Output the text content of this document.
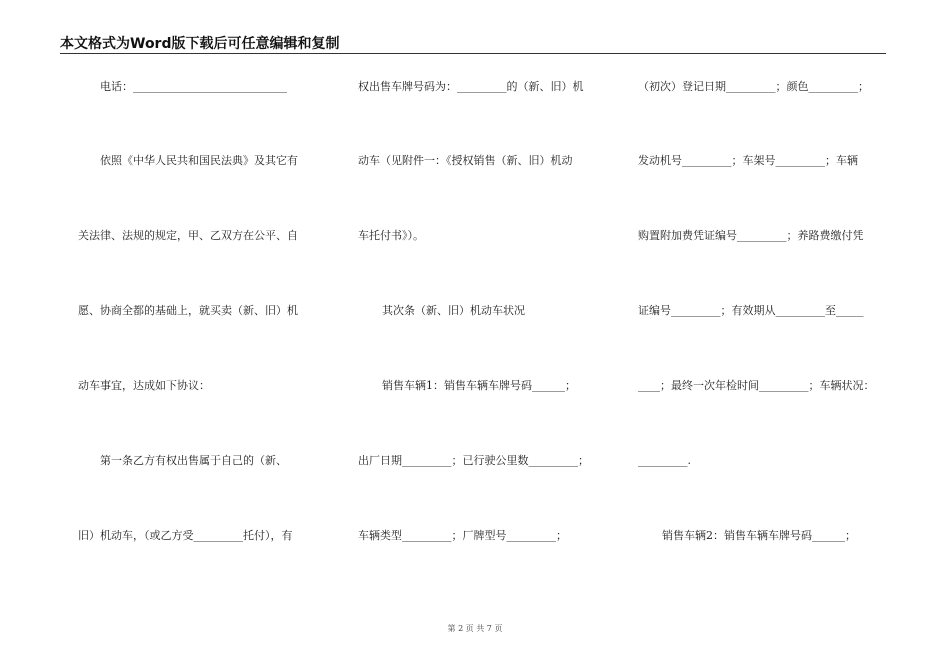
本文格式为Word版下载后可任意编辑和复制
电话：____________________________
依照《中华人民共和国民法典》及其它有
关法律、法规的规定，甲、乙双方在公平、自
愿、协商全都的基础上，就买卖（新、旧）机
动车事宜，达成如下协议：
第一条乙方有权出售属于自己的（新、
旧）机动车，（或乙方受_________托付），有
权出售车牌号码为：_________的（新、旧）机
动车（见附件一：《授权销售（新、旧）机动
车托付书》）。
其次条（新、旧）机动车状况
销售车辆1：销售车辆车牌号码______；
出厂日期_________；已行驶公里数_________；
车辆类型_________；厂牌型号_________；
（初次）登记日期_________；颜色_________；
发动机号_________；车架号_________；车辆
购置附加费凭证编号_________；养路费缴付凭
证编号_________；有效期从_________至_____
____；最终一次年检时间_________；车辆状况：
_________.
销售车辆2：销售车辆车牌号码______；
第 2 页 共 7 页
